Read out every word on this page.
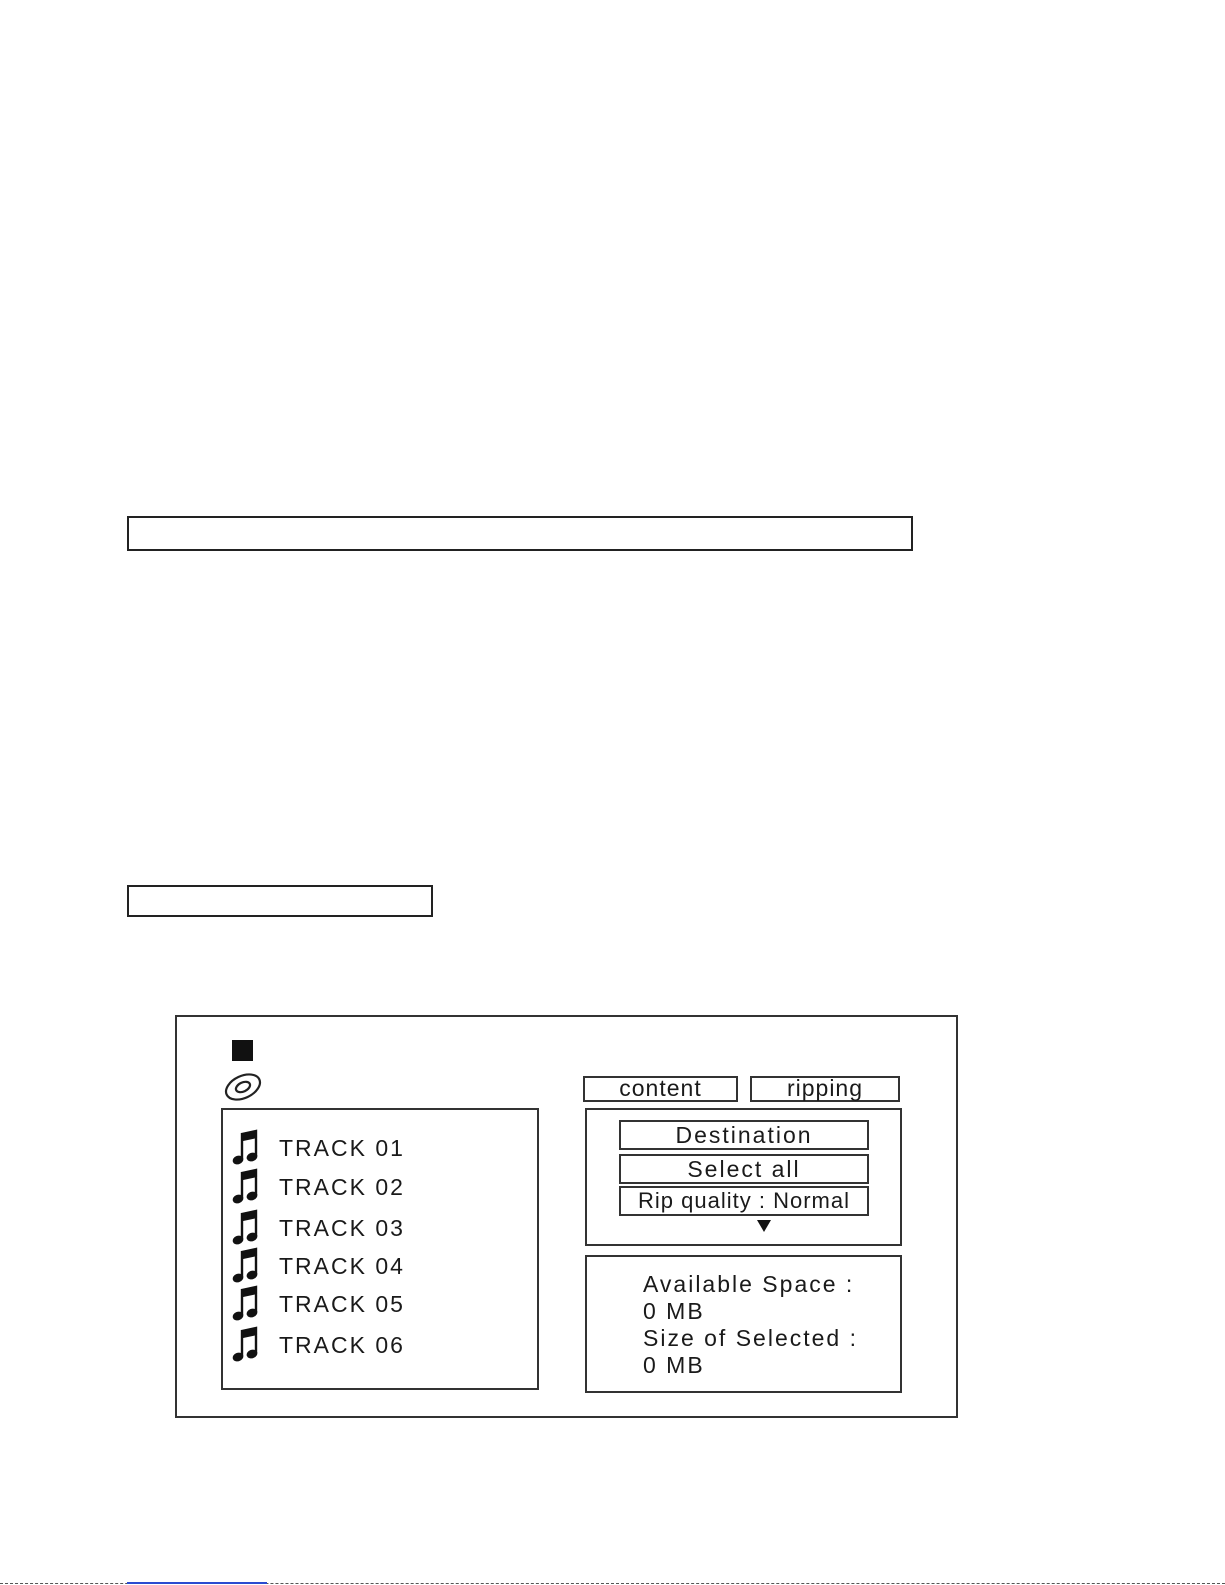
content	ripping
TRACK 01
TRACK 02
TRACK 03
TRACK 04
TRACK 05
TRACK 06
Destination
Select all
Rip quality : Normal
Available Space :
0 MB
Size of Selected :
0 MB
